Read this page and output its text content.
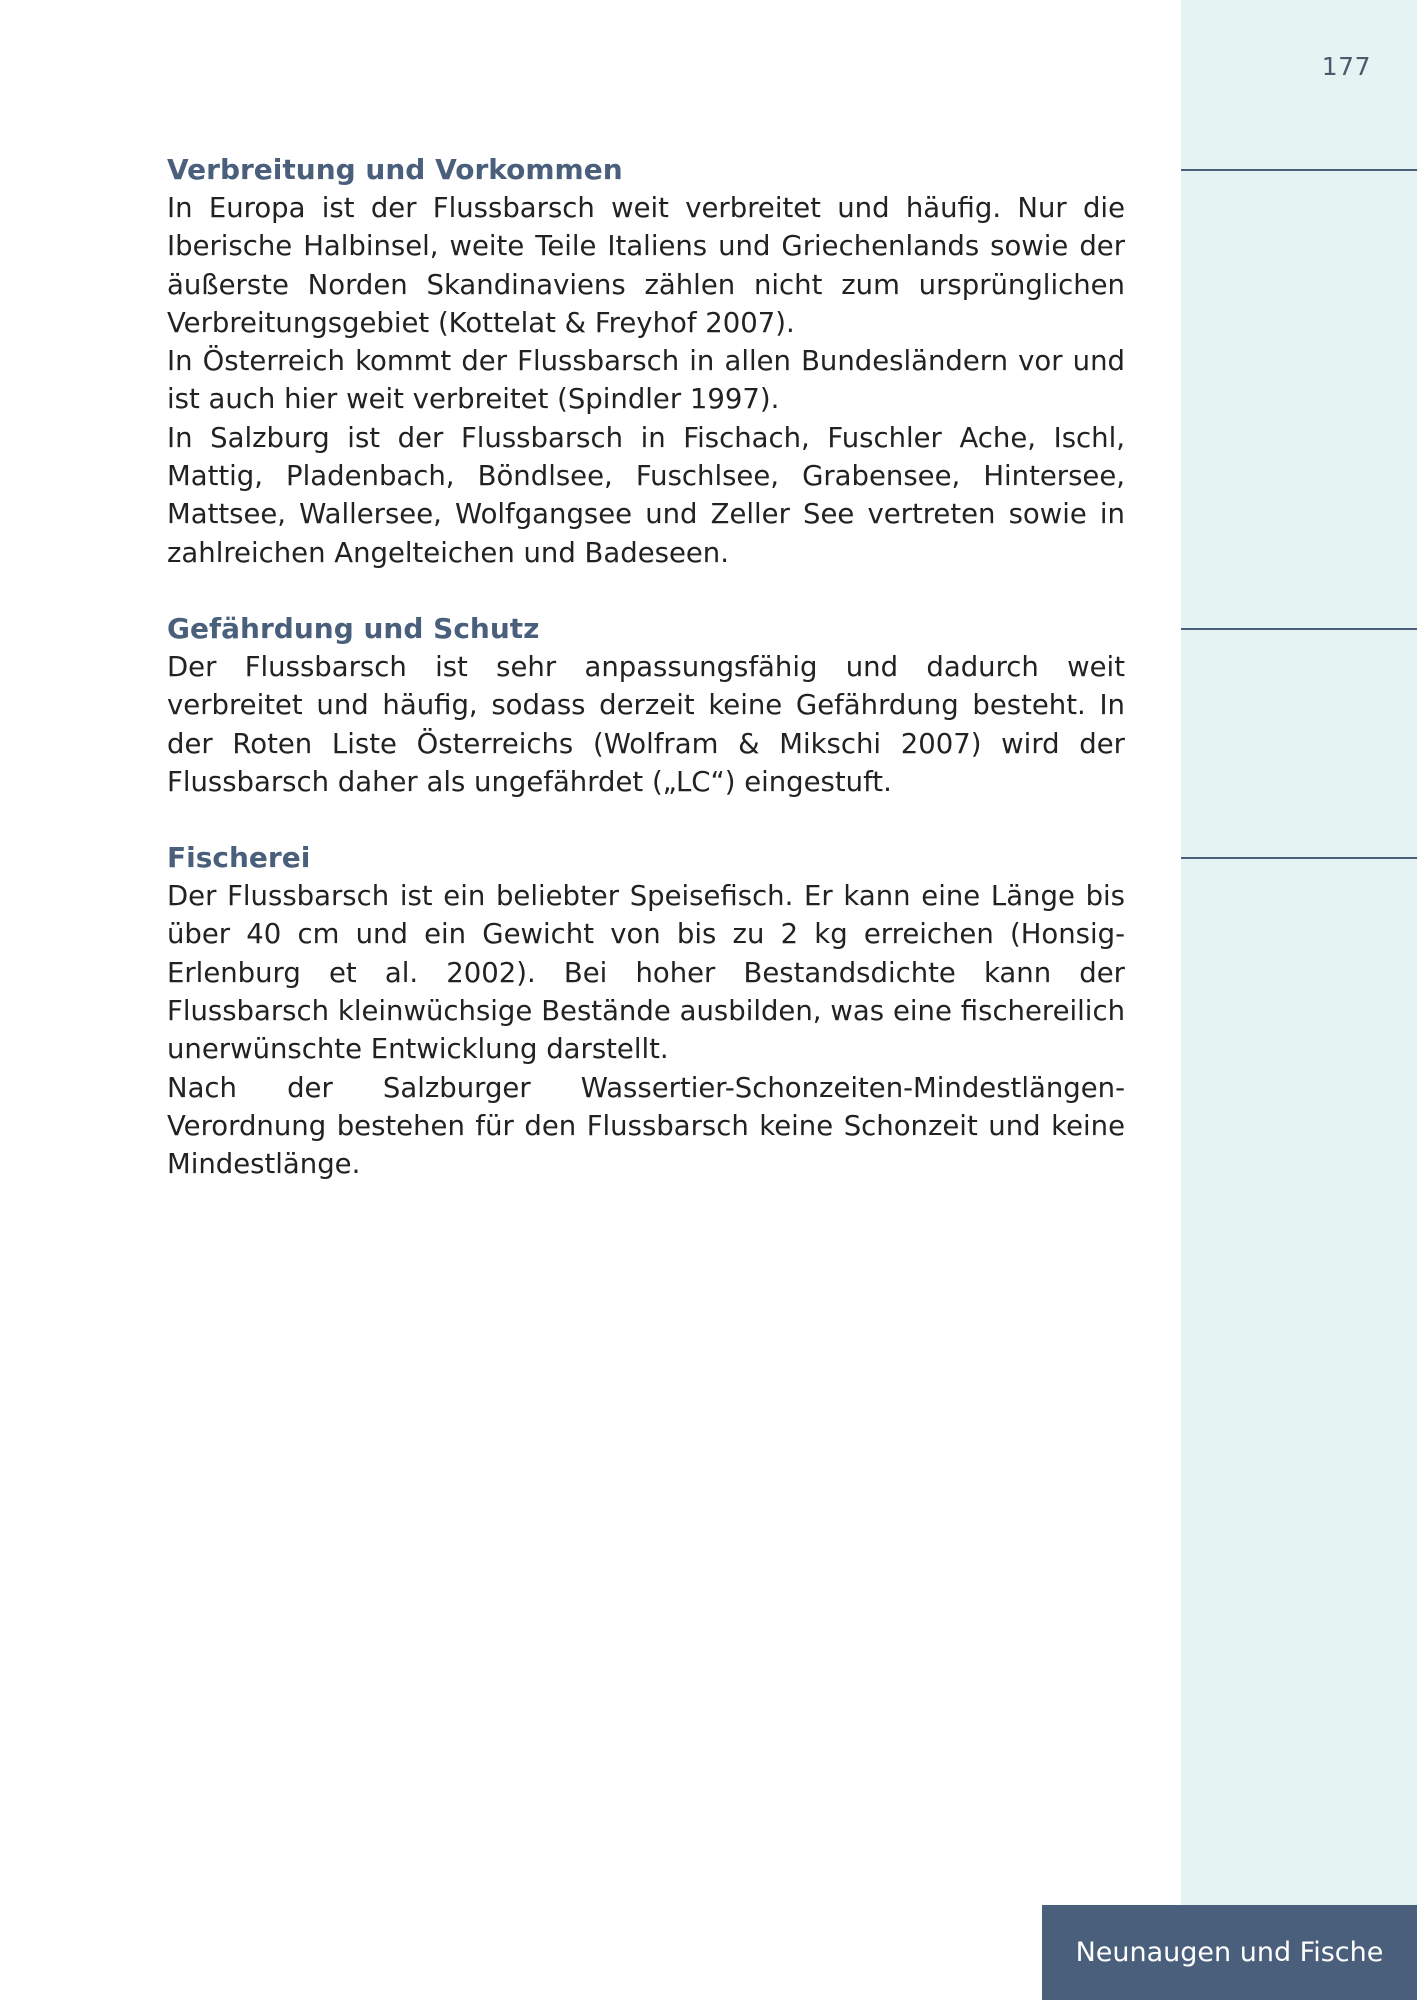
177
Verbreitung und Vorkommen

In Europa ist der Flussbarsch weit verbreitet und häufig. Nur die Iberische Halbinsel, weite Teile Italiens und Griechenlands sowie der äußerste Norden Skandinaviens zählen nicht zum ursprünglichen Verbreitungsgebiet (Kottelat & Freyhof 2007).

In Österreich kommt der Flussbarsch in allen Bundesländern vor und ist auch hier weit verbreitet (Spindler 1997).

In Salzburg ist der Flussbarsch in Fischach, Fuschler Ache, Ischl, Mattig, Pladenbach, Böndlsee, Fuschlsee, Grabensee, Hintersee, Mattsee, Wallersee, Wolfgangsee und Zeller See vertreten sowie in zahlreichen Angelteichen und Badeseen.

Gefährdung und Schutz

Der Flussbarsch ist sehr anpassungsfähig und dadurch weit verbreitet und häufig, sodass derzeit keine Gefährdung besteht. In der Roten Liste Österreichs (Wolfram & Mikschi 2007) wird der Flussbarsch daher als ungefährdet („LC“) eingestuft.

Fischerei

Der Flussbarsch ist ein beliebter Speisefisch. Er kann eine Länge bis über 40 cm und ein Gewicht von bis zu 2 kg erreichen (Honsig-Erlenburg et al. 2002). Bei hoher Bestandsdichte kann der Flussbarsch kleinwüchsige Bestände ausbilden, was eine fischereilich unerwünschte Entwicklung darstellt.

Nach der Salzburger Wassertier-Schonzeiten-Mindestlängen-Verordnung bestehen für den Flussbarsch keine Schonzeit und keine Mindestlänge.

Neunaugen und Fische
